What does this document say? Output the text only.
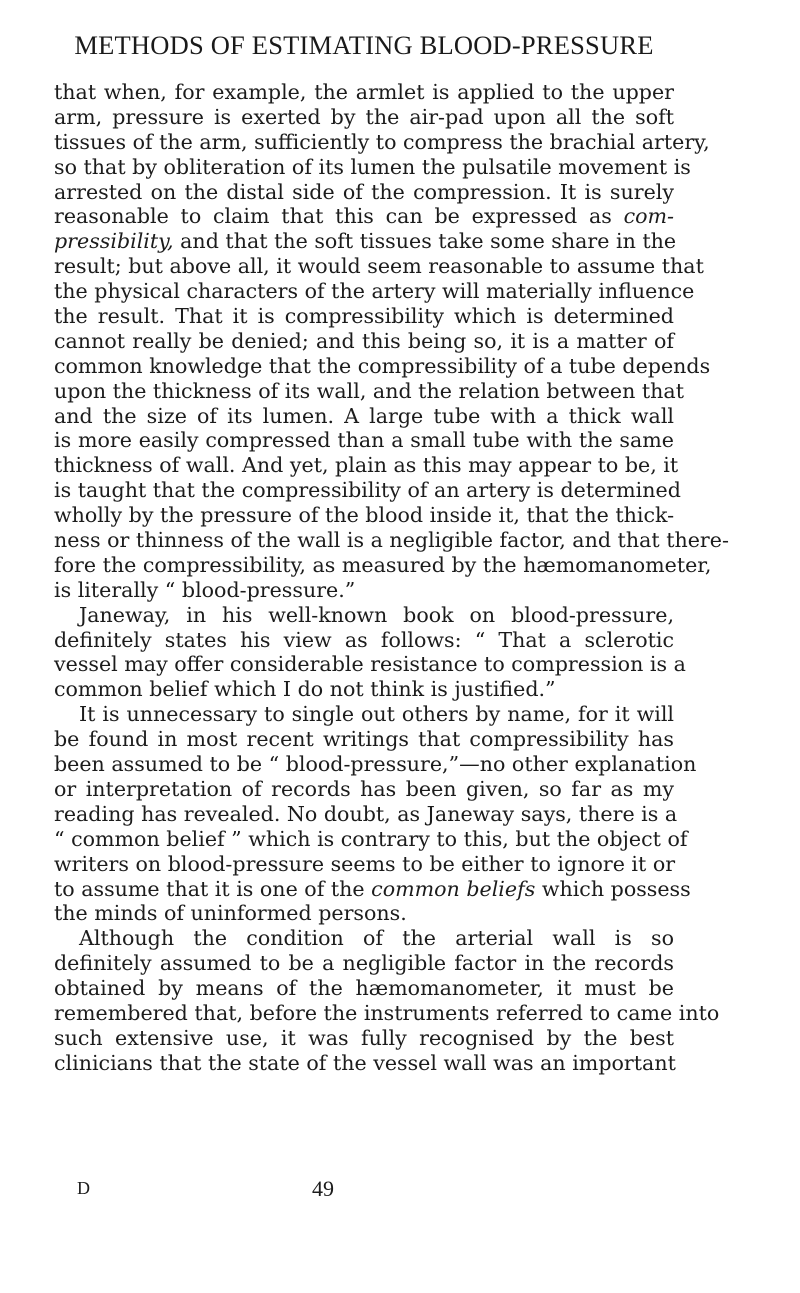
METHODS OF ESTIMATING BLOOD-PRESSURE
that when, for example, the armlet is applied to the upper
arm, pressure is exerted by the air-pad upon all the soft
tissues of the arm, sufficiently to compress the brachial artery,
so that by obliteration of its lumen the pulsatile movement is
arrested on the distal side of the compression. It is surely
reasonable to claim that this can be expressed as com-
pressibility, and that the soft tissues take some share in the
result; but above all, it would seem reasonable to assume that
the physical characters of the artery will materially influence
the result. That it is compressibility which is determined
cannot really be denied; and this being so, it is a matter of
common knowledge that the compressibility of a tube depends
upon the thickness of its wall, and the relation between that
and the size of its lumen. A large tube with a thick wall
is more easily compressed than a small tube with the same
thickness of wall. And yet, plain as this may appear to be, it
is taught that the compressibility of an artery is determined
wholly by the pressure of the blood inside it, that the thick-
ness or thinness of the wall is a negligible factor, and that there-
fore the compressibility, as measured by the hæmomanometer,
is literally “ blood-pressure.”
Janeway, in his well-known book on blood-pressure,
definitely states his view as follows: “ That a sclerotic
vessel may offer considerable resistance to compression is a
common belief which I do not think is justified.”
It is unnecessary to single out others by name, for it will
be found in most recent writings that compressibility has
been assumed to be “ blood-pressure,”—no other explanation
or interpretation of records has been given, so far as my
reading has revealed. No doubt, as Janeway says, there is a
“ common belief ” which is contrary to this, but the object of
writers on blood-pressure seems to be either to ignore it or
to assume that it is one of the common beliefs which possess
the minds of uninformed persons.
Although the condition of the arterial wall is so
definitely assumed to be a negligible factor in the records
obtained by means of the hæmomanometer, it must be
remembered that, before the instruments referred to came into
such extensive use, it was fully recognised by the best
clinicians that the state of the vessel wall was an important
D	49
